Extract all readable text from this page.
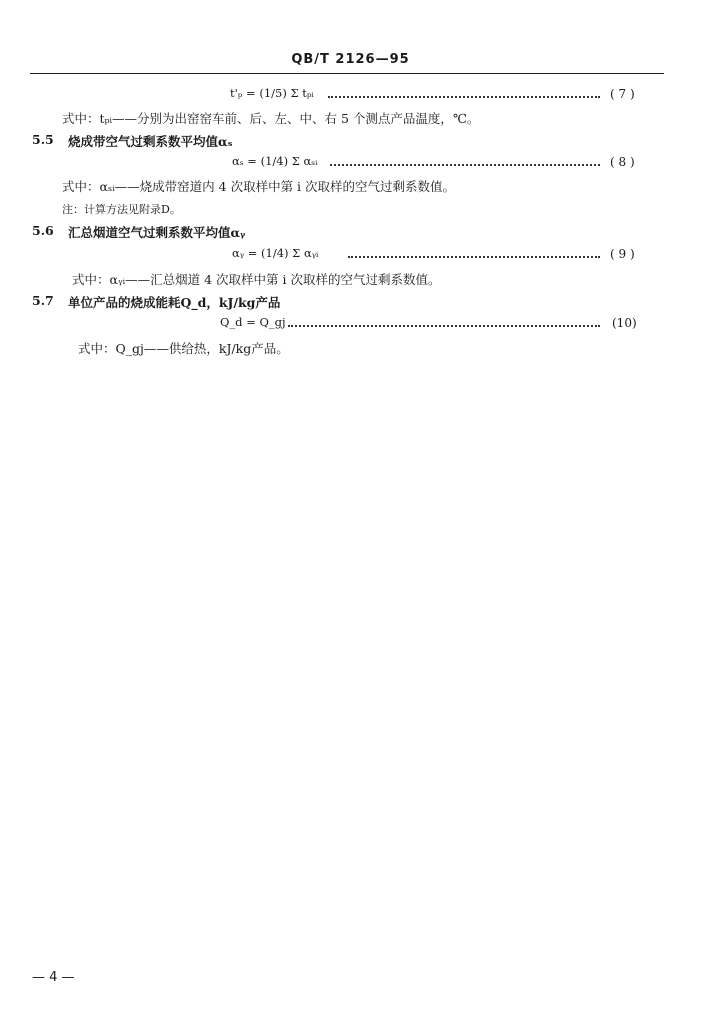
QB/T 2126—95
t'ₚ = (1/5) Σ tₚᵢ	( 7 )
式中：tₚᵢ——分别为出窑窑车前、后、左、中、右 5 个测点产品温度，℃。
5.5 烧成带空气过剩系数平均值αₛ
αₛ = (1/4) Σ αₛᵢ	( 8 )
式中：αₛᵢ——烧成带窑道内 4 次取样中第 i 次取样的空气过剩系数值。
注：计算方法见附录D。
5.6 汇总烟道空气过剩系数平均值αᵧ
αᵧ = (1/4) Σ αᵧᵢ	( 9 )
式中：αᵧᵢ——汇总烟道 4 次取样中第 i 次取样的空气过剩系数值。
5.7 单位产品的烧成能耗Q_d，kJ/kg产品
Q_d = Q_gj	(10)
式中：Q_gj——供给热，kJ/kg产品。
— 4 —
